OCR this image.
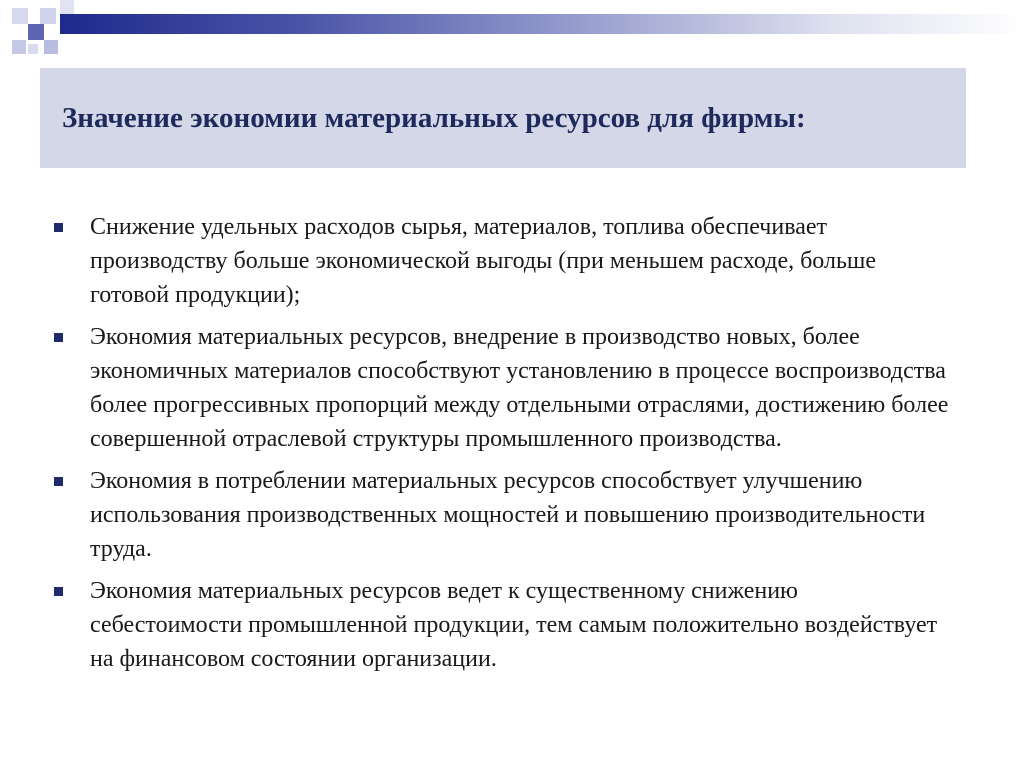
Значение экономии материальных ресурсов для фирмы:
Снижение удельных расходов сырья, материалов, топлива обеспечивает производству больше экономической выгоды (при меньшем расходе, больше готовой продукции);
Экономия материальных ресурсов, внедрение в производство новых, более экономичных материалов способствуют установлению в процессе воспроизводства более прогрессивных пропорций между отдельными отраслями, достижению более совершенной отраслевой структуры промышленного производства.
Экономия в потреблении материальных ресурсов способствует улучшению использования производственных мощностей и повышению производительности труда.
Экономия материальных ресурсов ведет к существенному снижению себестоимости промышленной продукции, тем самым положительно воздействует на финансовом состоянии организации.
